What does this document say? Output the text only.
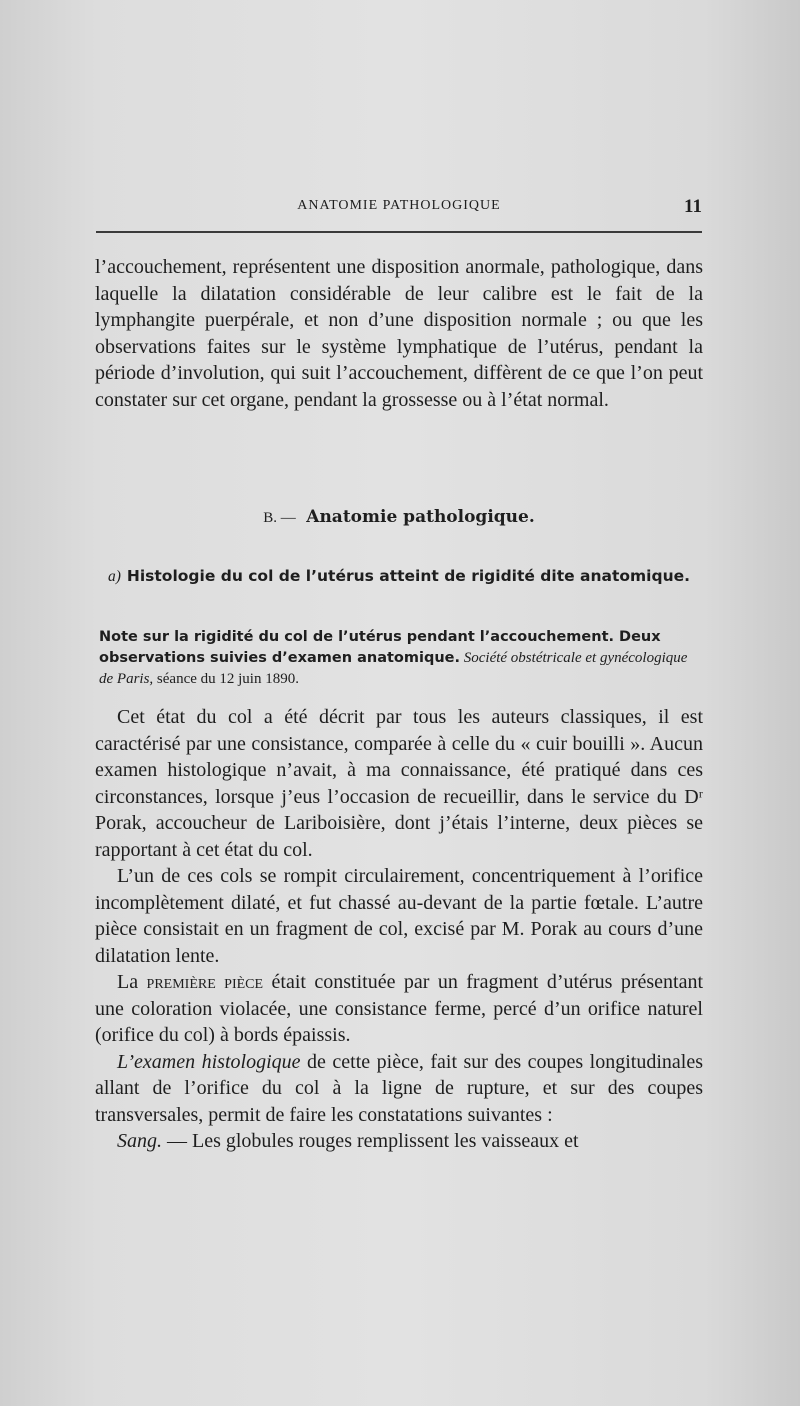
ANATOMIE PATHOLOGIQUE	11

l’accouchement, représentent une disposition anormale, pathologique, dans laquelle la dilatation considérable de leur calibre est le fait de la lymphangite puerpérale, et non d’une disposition normale ; ou que les observations faites sur le système lymphatique de l’utérus, pendant la période d’involution, qui suit l’accouchement, diffèrent de ce que l’on peut constater sur cet organe, pendant la grossesse ou à l’état normal.

B. — Anatomie pathologique.
a) Histologie du col de l’utérus atteint de rigidité dite anatomique.
Note sur la rigidité du col de l’utérus pendant l’accouchement. Deux observations suivies d’examen anatomique. Société obstétricale et gynécologique de Paris, séance du 12 juin 1890.

Cet état du col a été décrit par tous les auteurs classiques, il est caractérisé par une consistance, comparée à celle du « cuir bouilli ». Aucun examen histologique n’avait, à ma connaissance, été pratiqué dans ces circonstances, lorsque j’eus l’occasion de recueillir, dans le service du Dʳ Porak, accoucheur de Lariboisière, dont j’étais l’interne, deux pièces se rapportant à cet état du col.

L’un de ces cols se rompit circulairement, concentriquement à l’orifice incomplètement dilaté, et fut chassé au-devant de la partie fœtale. L’autre pièce consistait en un fragment de col, excisé par M. Porak au cours d’une dilatation lente.

La première pièce était constituée par un fragment d’utérus présentant une coloration violacée, une consistance ferme, percé d’un orifice naturel (orifice du col) à bords épaissis.

L’examen histologique de cette pièce, fait sur des coupes longitudinales allant de l’orifice du col à la ligne de rupture, et sur des coupes transversales, permit de faire les constatations suivantes :

Sang. — Les globules rouges remplissent les vaisseaux et
